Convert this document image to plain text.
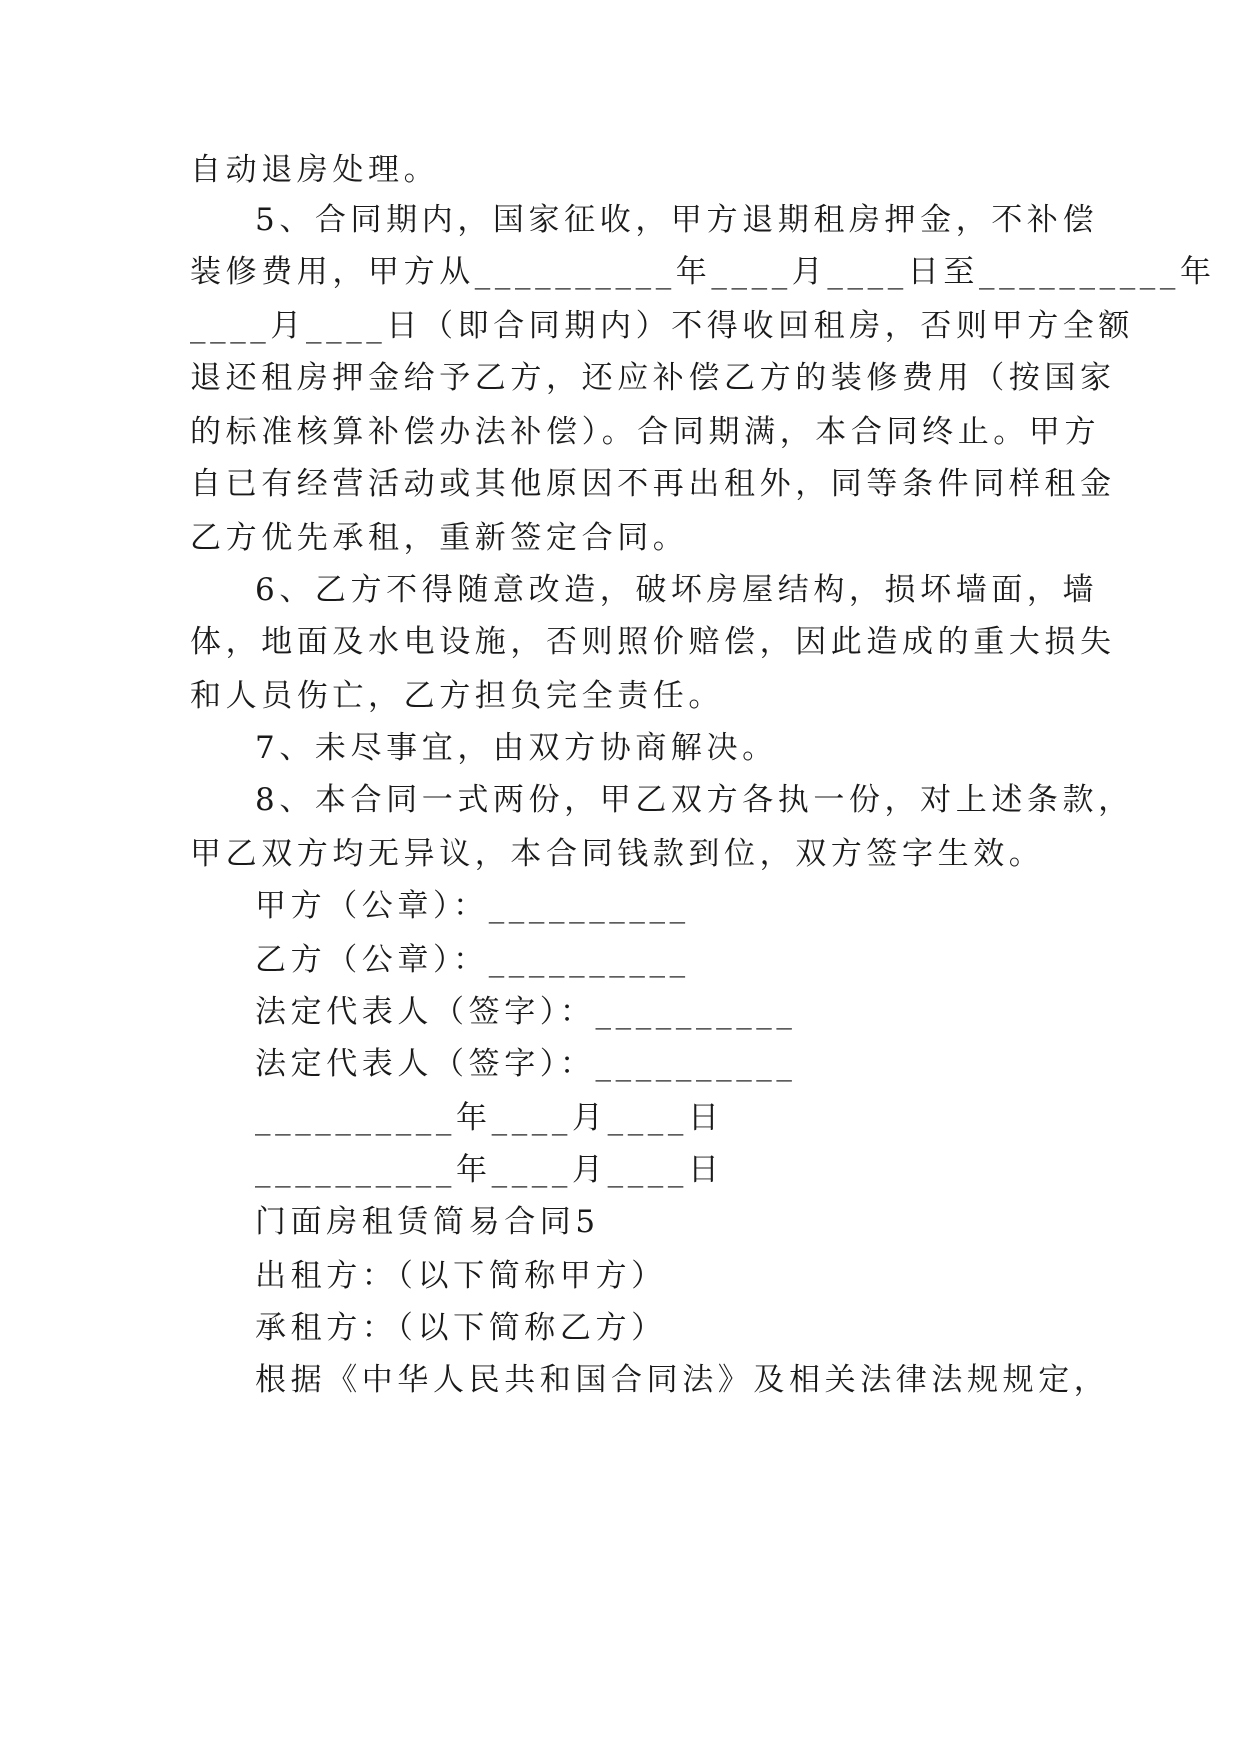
自动退房处理。
5、合同期内，国家征收，甲方退期租房押金，不补偿
装修费用，甲方从__________年____月____日至__________年
____月____日（即合同期内）不得收回租房，否则甲方全额
退还租房押金给予乙方，还应补偿乙方的装修费用（按国家
的标准核算补偿办法补偿）。合同期满，本合同终止。甲方
自已有经营活动或其他原因不再出租外，同等条件同样租金
乙方优先承租，重新签定合同。
6、乙方不得随意改造，破坏房屋结构，损坏墙面，墙
体，地面及水电设施，否则照价赔偿，因此造成的重大损失
和人员伤亡，乙方担负完全责任。
7、未尽事宜，由双方协商解决。
8、本合同一式两份，甲乙双方各执一份，对上述条款，
甲乙双方均无异议，本合同钱款到位，双方签字生效。
甲方（公章）：__________
乙方（公章）：__________
法定代表人（签字）：__________
法定代表人（签字）：__________
__________年____月____日
__________年____月____日
门面房租赁简易合同5
出租方：（以下简称甲方）
承租方：（以下简称乙方）
根据《中华人民共和国合同法》及相关法律法规规定，
